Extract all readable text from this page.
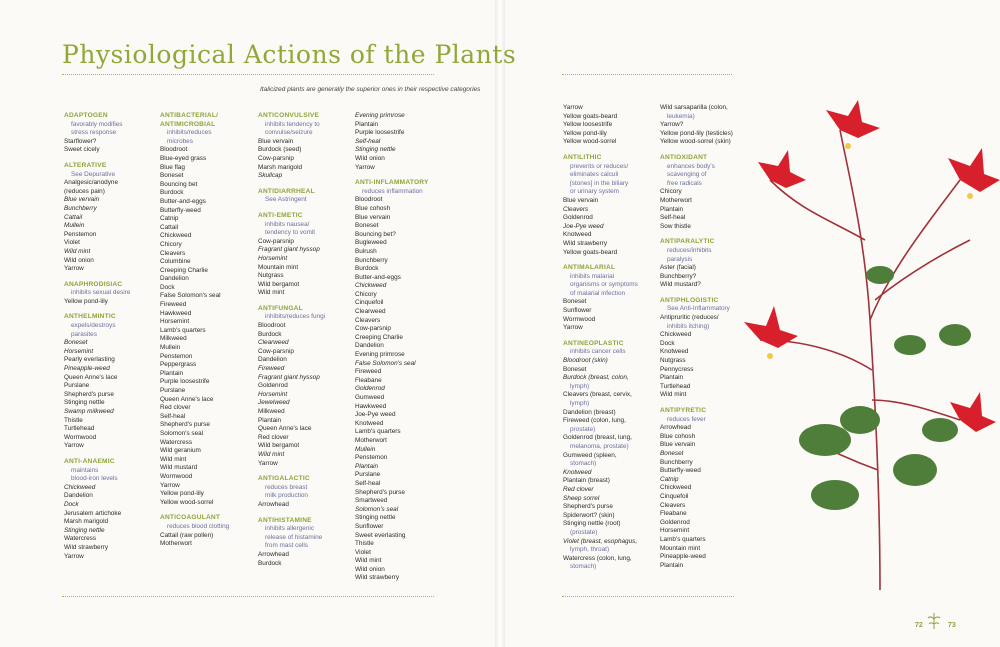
Physiological Actions of the Plants
Italicized plants are generally the superior ones in their respective categories
ADAPTOGEN
favorably modifies
stress response
Starflower?
Sweet cicely
ALTERATIVE
See Depurative
Analgesic/anodyne
(reduces pain)
Blue vervain
Bunchberry
Cattail
Mullein
Penstemon
Violet
Wild mint
Wild onion
Yarrow
ANAPHRODISIAC
inhibits sexual desire
Yellow pond-lily
ANTHELMINTIC
expels/destroys
parasites
Boneset
Horsemint
Pearly everlasting
Pineapple-weed
Queen Anne's lace
Purslane
Shepherd's purse
Stinging nettle
Swamp milkweed
Thistle
Turtlehead
Wormwood
Yarrow
ANTI-ANAEMIC
maintains
blood-iron levels
Chickweed
Dandelion
Dock
Jerusalem artichoke
Marsh marigold
Stinging nettle
Watercress
Wild strawberry
Yarrow
ANTIBACTERIAL/
ANTIMICROBIAL
inhibits/reduces
microbes
Bloodroot
Blue-eyed grass
Blue flag
Boneset
Bouncing bet
Burdock
Butter-and-eggs
Butterfly-weed
Catnip
Cattail
Chickweed
Chicory
Cleavers
Columbine
Creeping Charlie
Dandelion
Dock
False Solomon's seal
Fireweed
Hawkweed
Horsemint
Lamb's quarters
Milkweed
Mullein
Penstemon
Peppergrass
Plantain
Purple loosestrife
Purslane
Queen Anne's lace
Red clover
Self-heal
Shepherd's purse
Solomon's seal
Watercress
Wild geranium
Wild mint
Wild mustard
Wormwood
Yarrow
Yellow pond-lily
Yellow wood-sorrel
ANTICOAGULANT
reduces blood clotting
Cattail (raw pollen)
Motherwort
ANTICONVULSIVE
inhibits tendency to
convulse/seizure
Blue vervain
Burdock (seed)
Cow-parsnip
Marsh marigold
Skullcap
ANTIDIARRHEAL
See Astringent
ANTI-EMETIC
inhibits nausea/
tendency to vomit
Cow-parsnip
Fragrant giant hyssop
Horsemint
Mountain mint
Nutgrass
Wild bergamot
Wild mint
ANTIFUNGAL
inhibits/reduces fungi
Bloodroot
Burdock
Clearweed
Cow-parsnip
Dandelion
Fireweed
Fragrant giant hyssop
Goldenrod
Horsemint
Jewelweed
Milkweed
Plantain
Queen Anne's lace
Red clover
Wild bergamot
Wild mint
Yarrow
ANTIGALACTIC
reduces breast
milk production
Arrowhead
ANTIHISTAMINE
inhibits allergenic
release of histamine
from mast cells
Arrowhead
Burdock
Evening primrose
Plantain
Purple loosestrife
Self-heal
Stinging nettle
Wild onion
Yarrow
ANTI-INFLAMMATORY
reduces inflammation
Bloodroot
Blue cohosh
Blue vervain
Boneset
Bouncing bet?
Bugleweed
Bulrush
Bunchberry
Burdock
Butter-and-eggs
Chickweed
Chicory
Cinquefoil
Clearweed
Cleavers
Cow-parsnip
Creeping Charlie
Dandelion
Evening primrose
False Solomon's seal
Fireweed
Fleabane
Goldenrod
Gumweed
Hawkweed
Joe-Pye weed
Knotweed
Lamb's quarters
Motherwort
Mullein
Penstemon
Plantain
Purslane
Self-heal
Shepherd's purse
Smartweed
Solomon's seal
Stinging nettle
Sunflower
Sweet everlasting
Thistle
Violet
Wild mint
Wild onion
Wild strawberry
Yarrow
Yellow goats-beard
Yellow loosestrife
Yellow pond-lily
Yellow wood-sorrel
ANTILITHIC
prevents or reduces/
eliminates calculi
[stones] in the biliary
or urinary system
Blue vervain
Cleavers
Goldenrod
Joe-Pye weed
Knotweed
Wild strawberry
Yellow goats-beard
ANTIMALARIAL
inhibits malarial
organisms or symptoms
of malarial infection
Boneset
Sunflower
Wormwood
Yarrow
ANTINEOPLASTIC
inhibits cancer cells
Bloodroot (skin)
Boneset
Burdock (breast, colon,
lymph)
Cleavers (breast, cervix,
lymph)
Dandelion (breast)
Fireweed (colon, lung,
prostate)
Goldenrod (breast, lung,
melanoma, prostate)
Gumweed (spleen,
stomach)
Knotweed
Plantain (breast)
Red clover
Sheep sorrel
Shepherd's purse
Spiderwort? (skin)
Stinging nettle (root)
(prostate)
Violet (breast, esophagus,
lymph, throat)
Watercress (colon, lung,
stomach)
Wild sarsaparilla (colon,
leukemia)
Yarrow?
Yellow pond-lily (testicles)
Yellow wood-sorrel (skin)
ANTIOXIDANT
enhances body's
scavenging of
free radicals
Chicory
Motherwort
Plantain
Self-heal
Sow thistle
ANTIPARALYTIC
reduces/inhibits
paralysis
Aster (facial)
Bunchberry?
Wild mustard?
ANTIPHLOGISTIC
See Anti-Inflammatory
Antipruritic (reduces/
inhibits itching)
Chickweed
Dock
Knotweed
Nutgrass
Pennycress
Plantain
Turtlehead
Wild mint
ANTIPYRETIC
reduces fever
Arrowhead
Blue cohosh
Blue vervain
Boneset
Bunchberry
Butterfly-weed
Catnip
Chickweed
Cinquefoil
Cleavers
Fleabane
Goldenrod
Horsemint
Lamb's quarters
Mountain mint
Pineapple-weed
Plantain
72	73
